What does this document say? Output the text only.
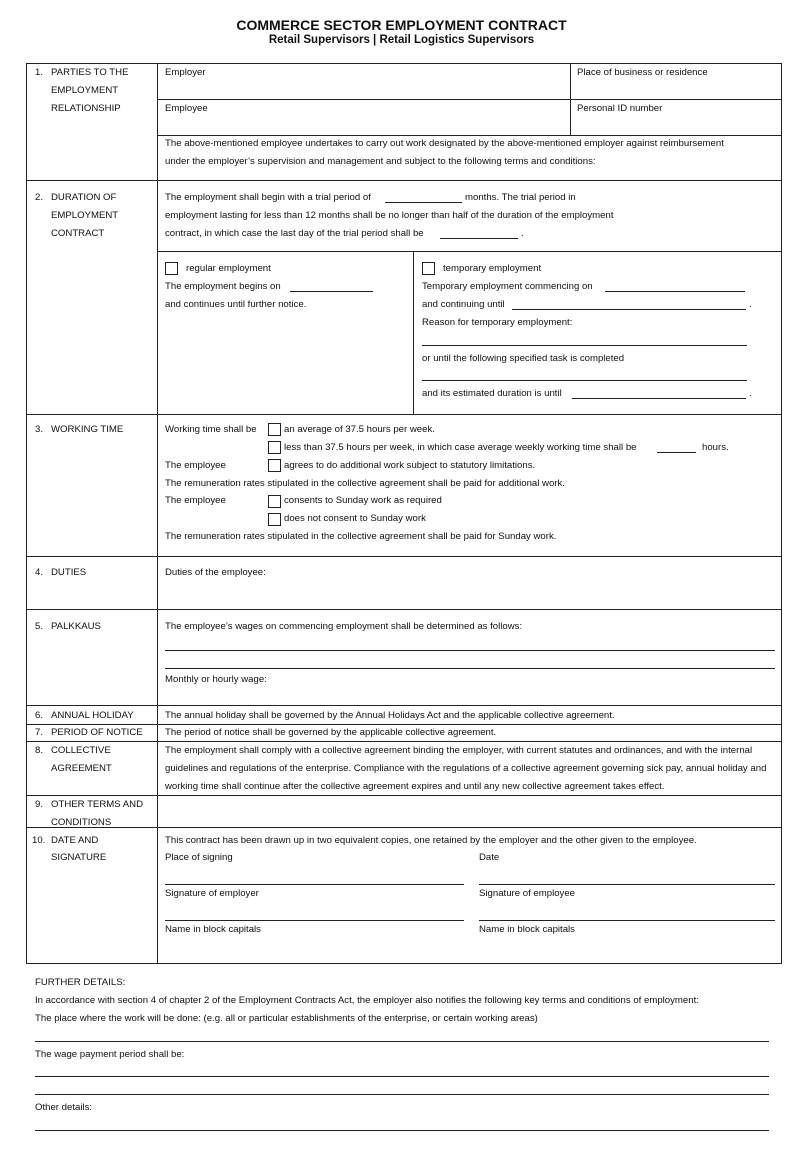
COMMERCE SECTOR EMPLOYMENT CONTRACT
Retail Supervisors | Retail Logistics Supervisors
1. PARTIES TO THE
EMPLOYMENT
RELATIONSHIP
Employer	Place of business or residence
Employee	Personal ID number
The above-mentioned employee undertakes to carry out work designated by the above-mentioned employer against reimbursement
under the employer’s supervision and management and subject to the following terms and conditions:
2. DURATION OF
EMPLOYMENT
CONTRACT
The employment shall begin with a trial period of	months. The trial period in
employment lasting for less than 12 months shall be no longer than half of the duration of the employment
contract, in which case the last day of the trial period shall be	.
regular employment
The employment begins on
and continues until further notice.
temporary employment
Temporary employment commencing on
and continuing until	.
Reason for temporary employment:
or until the following specified task is completed
and its estimated duration is until	.
3. WORKING TIME	Working time shall be	an average of 37.5 hours per week.
less than 37.5 hours per week, in which case average weekly working time shall be	hours.
The employee	agrees to do additional work subject to statutory limitations.
The remuneration rates stipulated in the collective agreement shall be paid for additional work.
The employee	consents to Sunday work as required
does not consent to Sunday work
The remuneration rates stipulated in the collective agreement shall be paid for Sunday work.
4. DUTIES	Duties of the employee:
5. PALKKAUS	The employee’s wages on commencing employment shall be determined as follows:
Monthly or hourly wage:
6. ANNUAL HOLIDAY	The annual holiday shall be governed by the Annual Holidays Act and the applicable collective agreement.
7. PERIOD OF NOTICE The period of notice shall be governed by the applicable collective agreement.
8. COLLECTIVE
AGREEMENT
The employment shall comply with a collective agreement binding the employer, with current statutes and ordinances, and with the internal guidelines and regulations of the enterprise. Compliance with the regulations of a collective agreement governing sick pay, annual holiday and working time shall continue after the collective agreement expires and until any new collective agreement takes effect.
9. OTHER TERMS AND
CONDITIONS
10. DATE AND
SIGNATURE
This contract has been drawn up in two equivalent copies, one retained by the employer and the other given to the employee.
Place of signing	Date
Signature of employer	Signature of employee
Name in block capitals	Name in block capitals
FURTHER DETAILS:
In accordance with section 4 of chapter 2 of the Employment Contracts Act, the employer also notifies the following key terms and conditions of employment:
The place where the work will be done: (e.g. all or particular establishments of the enterprise, or certain working areas)
The wage payment period shall be:
Other details:
